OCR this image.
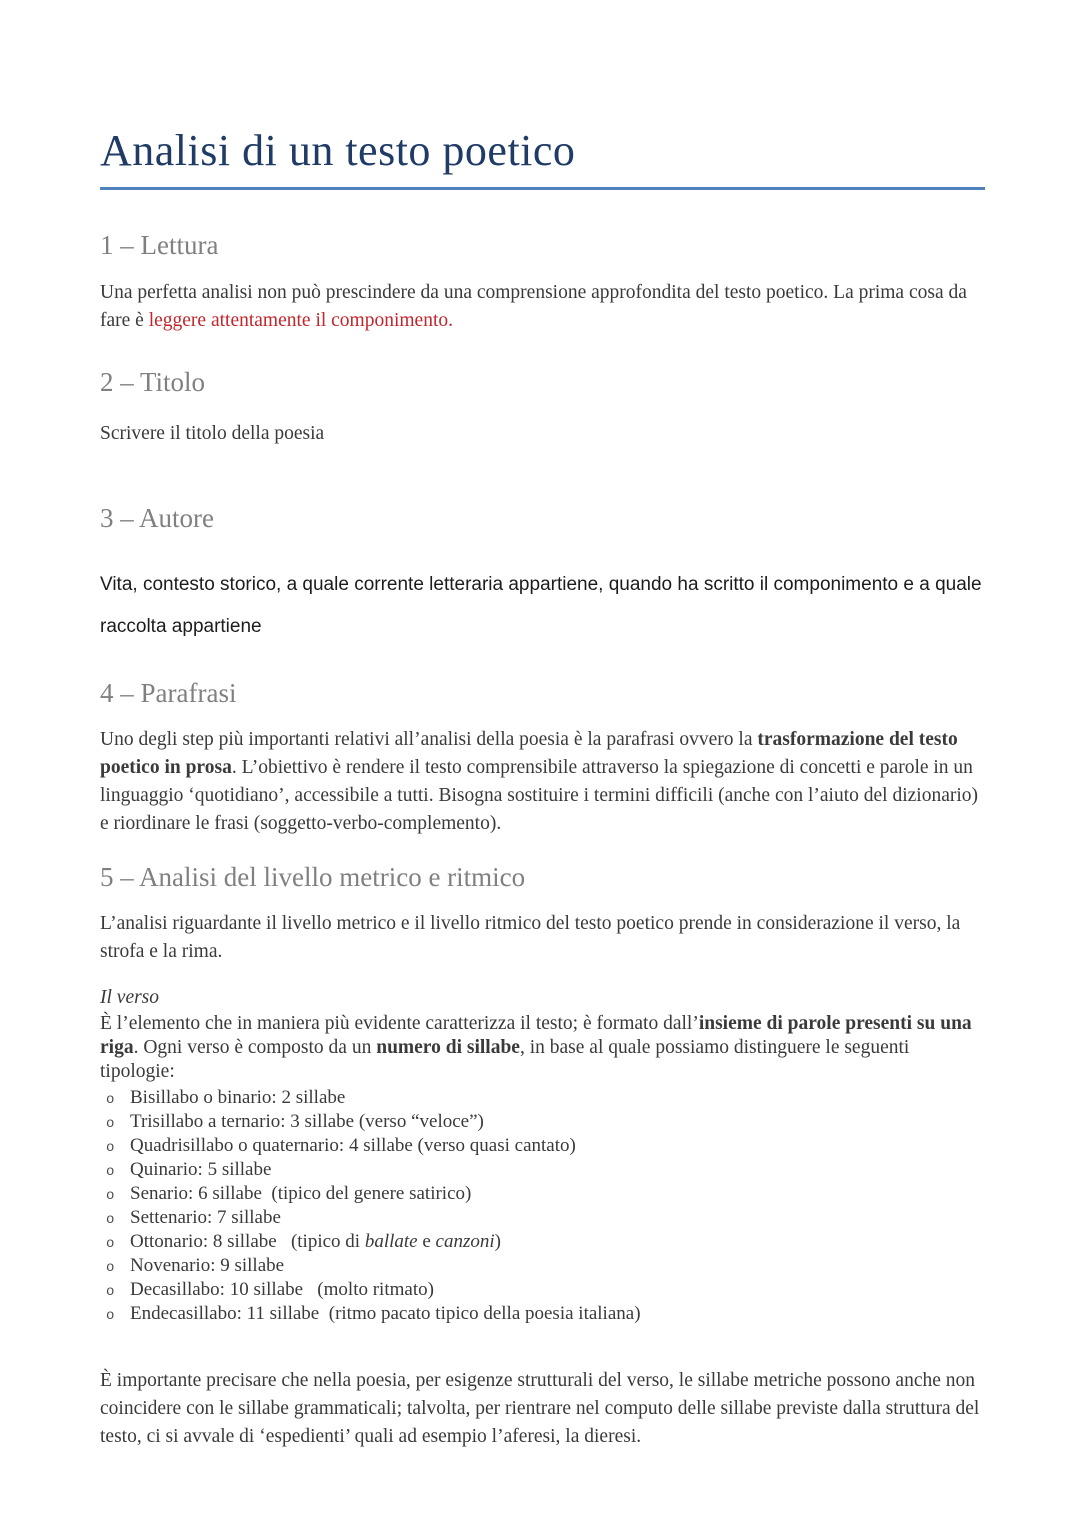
Analisi di un testo poetico
1 – Lettura

Una perfetta analisi non può prescindere da una comprensione approfondita del testo poetico. La prima cosa da fare è leggere attentamente il componimento.

2 – Titolo

Scrivere il titolo della poesia

3 – Autore

Vita, contesto storico, a quale corrente letteraria appartiene, quando ha scritto il componimento e a quale raccolta appartiene

4 – Parafrasi

Uno degli step più importanti relativi all’analisi della poesia è la parafrasi ovvero la trasformazione del testo poetico in prosa. L’obiettivo è rendere il testo comprensibile attraverso la spiegazione di concetti e parole in un linguaggio ‘quotidiano’, accessibile a tutti. Bisogna sostituire i termini difficili (anche con l’aiuto del dizionario) e riordinare le frasi (soggetto-verbo-complemento).

5 – Analisi del livello metrico e ritmico

L’analisi riguardante il livello metrico e il livello ritmico del testo poetico prende in considerazione il verso, la strofa e la rima.

Il verso

È l’elemento che in maniera più evidente caratterizza il testo; è formato dall’insieme di parole presenti su una riga. Ogni verso è composto da un numero di sillabe, in base al quale possiamo distinguere le seguenti tipologie:

o Bisillabo o binario: 2 sillabe
o Trisillabo a ternario: 3 sillabe (verso “veloce”)
o Quadrisillabo o quaternario: 4 sillabe (verso quasi cantato)
o Quinario: 5 sillabe
o Senario: 6 sillabe  (tipico del genere satirico)
o Settenario: 7 sillabe
o Ottonario: 8 sillabe   (tipico di ballate e canzoni)
o Novenario: 9 sillabe
o Decasillabo: 10 sillabe   (molto ritmato)
o Endecasillabo: 11 sillabe  (ritmo pacato tipico della poesia italiana)

È importante precisare che nella poesia, per esigenze strutturali del verso, le sillabe metriche possono anche non coincidere con le sillabe grammaticali; talvolta, per rientrare nel computo delle sillabe previste dalla struttura del testo, ci si avvale di ‘espedienti’ quali ad esempio l’aferesi, la dieresi.
